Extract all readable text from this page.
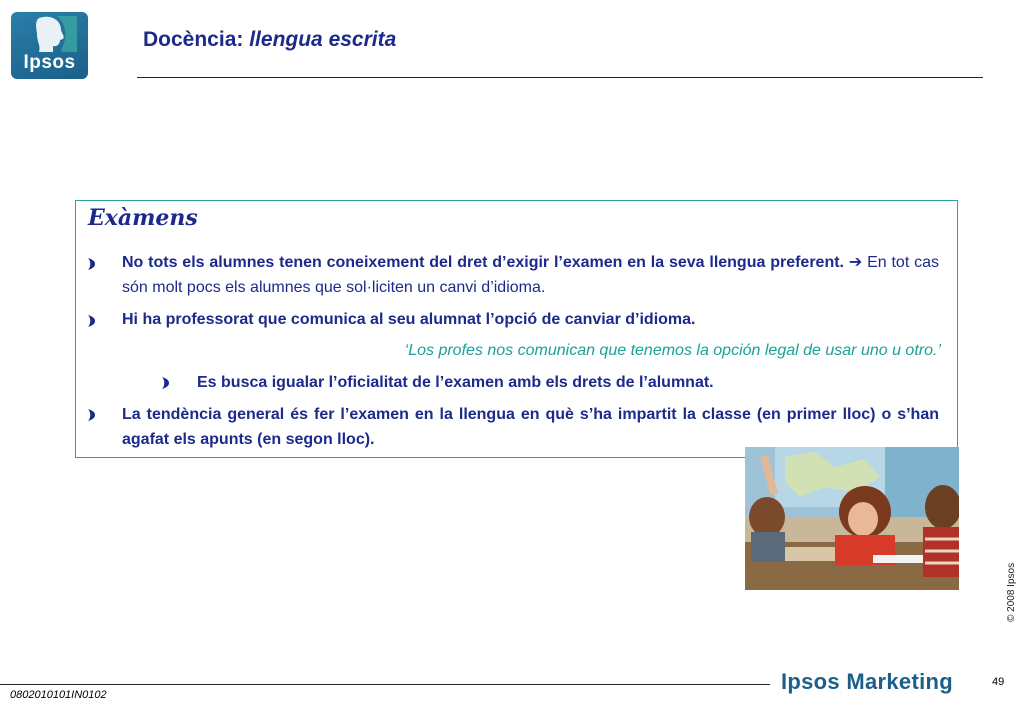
Ipsos
Docència: llengua escrita
Exàmens
No tots els alumnes tenen coneixement del dret d’exigir l’examen en la seva llengua preferent. ➔ En tot cas són molt pocs els alumnes que sol·liciten un canvi d’idioma.
Hi ha professorat que comunica al seu alumnat l’opció de canviar d’idioma.
‘Los profes nos comunican que tenemos la opción legal de usar uno u otro.’
Es busca igualar l’oficialitat de l’examen amb els drets de l’alumnat.
La tendència general és fer l’examen en la llengua en què s’ha impartit la classe (en primer lloc) o s’han agafat els apunts (en segon lloc).
© 2008 Ipsos
0802010101IN0102
Ipsos Marketing	49
